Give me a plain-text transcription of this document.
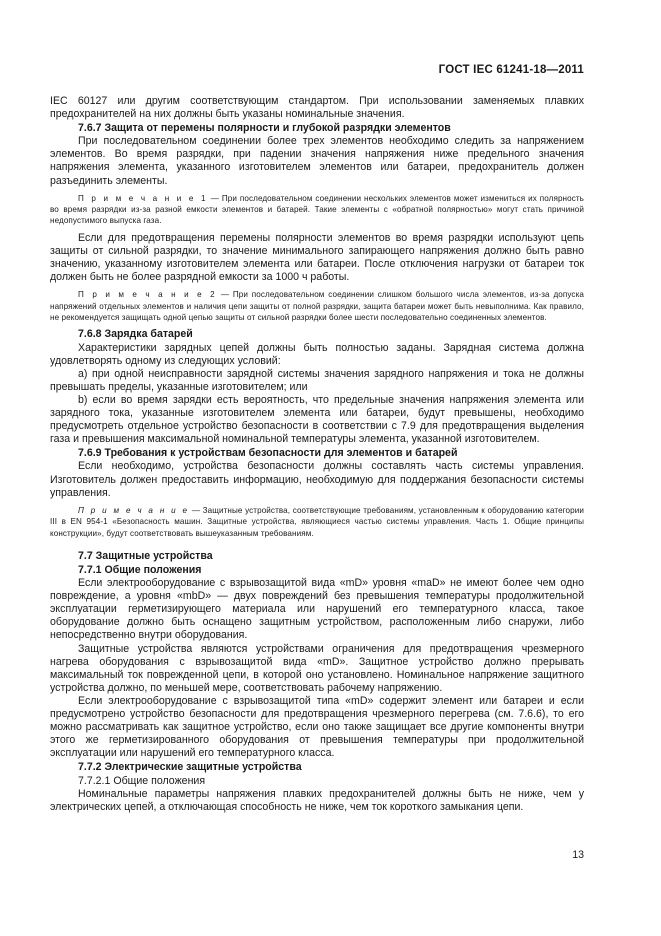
ГОСТ IEC 61241-18—2011

IEC 60127 или другим соответствующим стандартом. При использовании заменяемых плавких предохранителей на них должны быть указаны номинальные значения.

7.6.7 Защита от перемены полярности и глубокой разрядки элементов

При последовательном соединении более трех элементов необходимо следить за напряжением элементов. Во время разрядки, при падении значения напряжения ниже предельного значения напряжения элемента, указанного изготовителем элементов или батареи, предохранитель должен разъединить элементы.

П р и м е ч а н и е 1 — При последовательном соединении нескольких элементов может измениться их полярность во время разрядки из-за разной емкости элементов и батарей. Такие элементы с «обратной полярностью» могут стать причиной недопустимого выпуска газа.

Если для предотвращения перемены полярности элементов во время разрядки используют цепь защиты от сильной разрядки, то значение минимального запирающего напряжения должно быть равно значению, указанному изготовителем элемента или батареи. После отключения нагрузки от батареи ток должен быть не более разрядной емкости за 1000 ч работы.

П р и м е ч а н и е 2 — При последовательном соединении слишком большого числа элементов, из-за допуска напряжений отдельных элементов и наличия цепи защиты от полной разрядки, защита батареи может быть невыполнима. Как правило, не рекомендуется защищать одной цепью защиты от сильной разрядки более шести последовательно соединенных элементов.

7.6.8 Зарядка батарей

Характеристики зарядных цепей должны быть полностью заданы. Зарядная система должна удовлетворять одному из следующих условий:

а) при одной неисправности зарядной системы значения зарядного напряжения и тока не должны превышать пределы, указанные изготовителем; или

b) если во время зарядки есть вероятность, что предельные значения напряжения элемента или зарядного тока, указанные изготовителем элемента или батареи, будут превышены, необходимо предусмотреть отдельное устройство безопасности в соответствии с 7.9 для предотвращения выделения газа и превышения максимальной номинальной температуры элемента, указанной изготовителем.

7.6.9 Требования к устройствам безопасности для элементов и батарей

Если необходимо, устройства безопасности должны составлять часть системы управления. Изготовитель должен предоставить информацию, необходимую для поддержания безопасности системы управления.

П р и м е ч а н и е — Защитные устройства, соответствующие требованиям, установленным к оборудованию категории III в EN 954-1 «Безопасность машин. Защитные устройства, являющиеся частью системы управления. Часть 1. Общие принципы конструкции», будут соответствовать вышеуказанным требованиям.

7.7 Защитные устройства

7.7.1 Общие положения

Если электрооборудование с взрывозащитой вида «mD» уровня «maD» не имеют более чем одно повреждение, а уровня «mbD» — двух повреждений без превышения температуры продолжительной эксплуатации герметизирующего материала или нарушений его температурного класса, такое оборудование должно быть оснащено защитным устройством, расположенным либо снаружи, либо непосредственно внутри оборудования.

Защитные устройства являются устройствами ограничения для предотвращения чрезмерного нагрева оборудования с взрывозащитой вида «mD». Защитное устройство должно прерывать максимальный ток поврежденной цепи, в которой оно установлено. Номинальное напряжение защитного устройства должно, по меньшей мере, соответствовать рабочему напряжению.

Если электрооборудование с взрывозащитой типа «mD» содержит элемент или батареи и если предусмотрено устройство безопасности для предотвращения чрезмерного перегрева (см. 7.6.6), то его можно рассматривать как защитное устройство, если оно также защищает все другие компоненты внутри этого же герметизированного оборудования от превышения температуры при продолжительной эксплуатации или нарушений его температурного класса.

7.7.2 Электрические защитные устройства

7.7.2.1 Общие положения

Номинальные параметры напряжения плавких предохранителей должны быть не ниже, чем у электрических цепей, а отключающая способность не ниже, чем ток короткого замыкания цепи.

13
